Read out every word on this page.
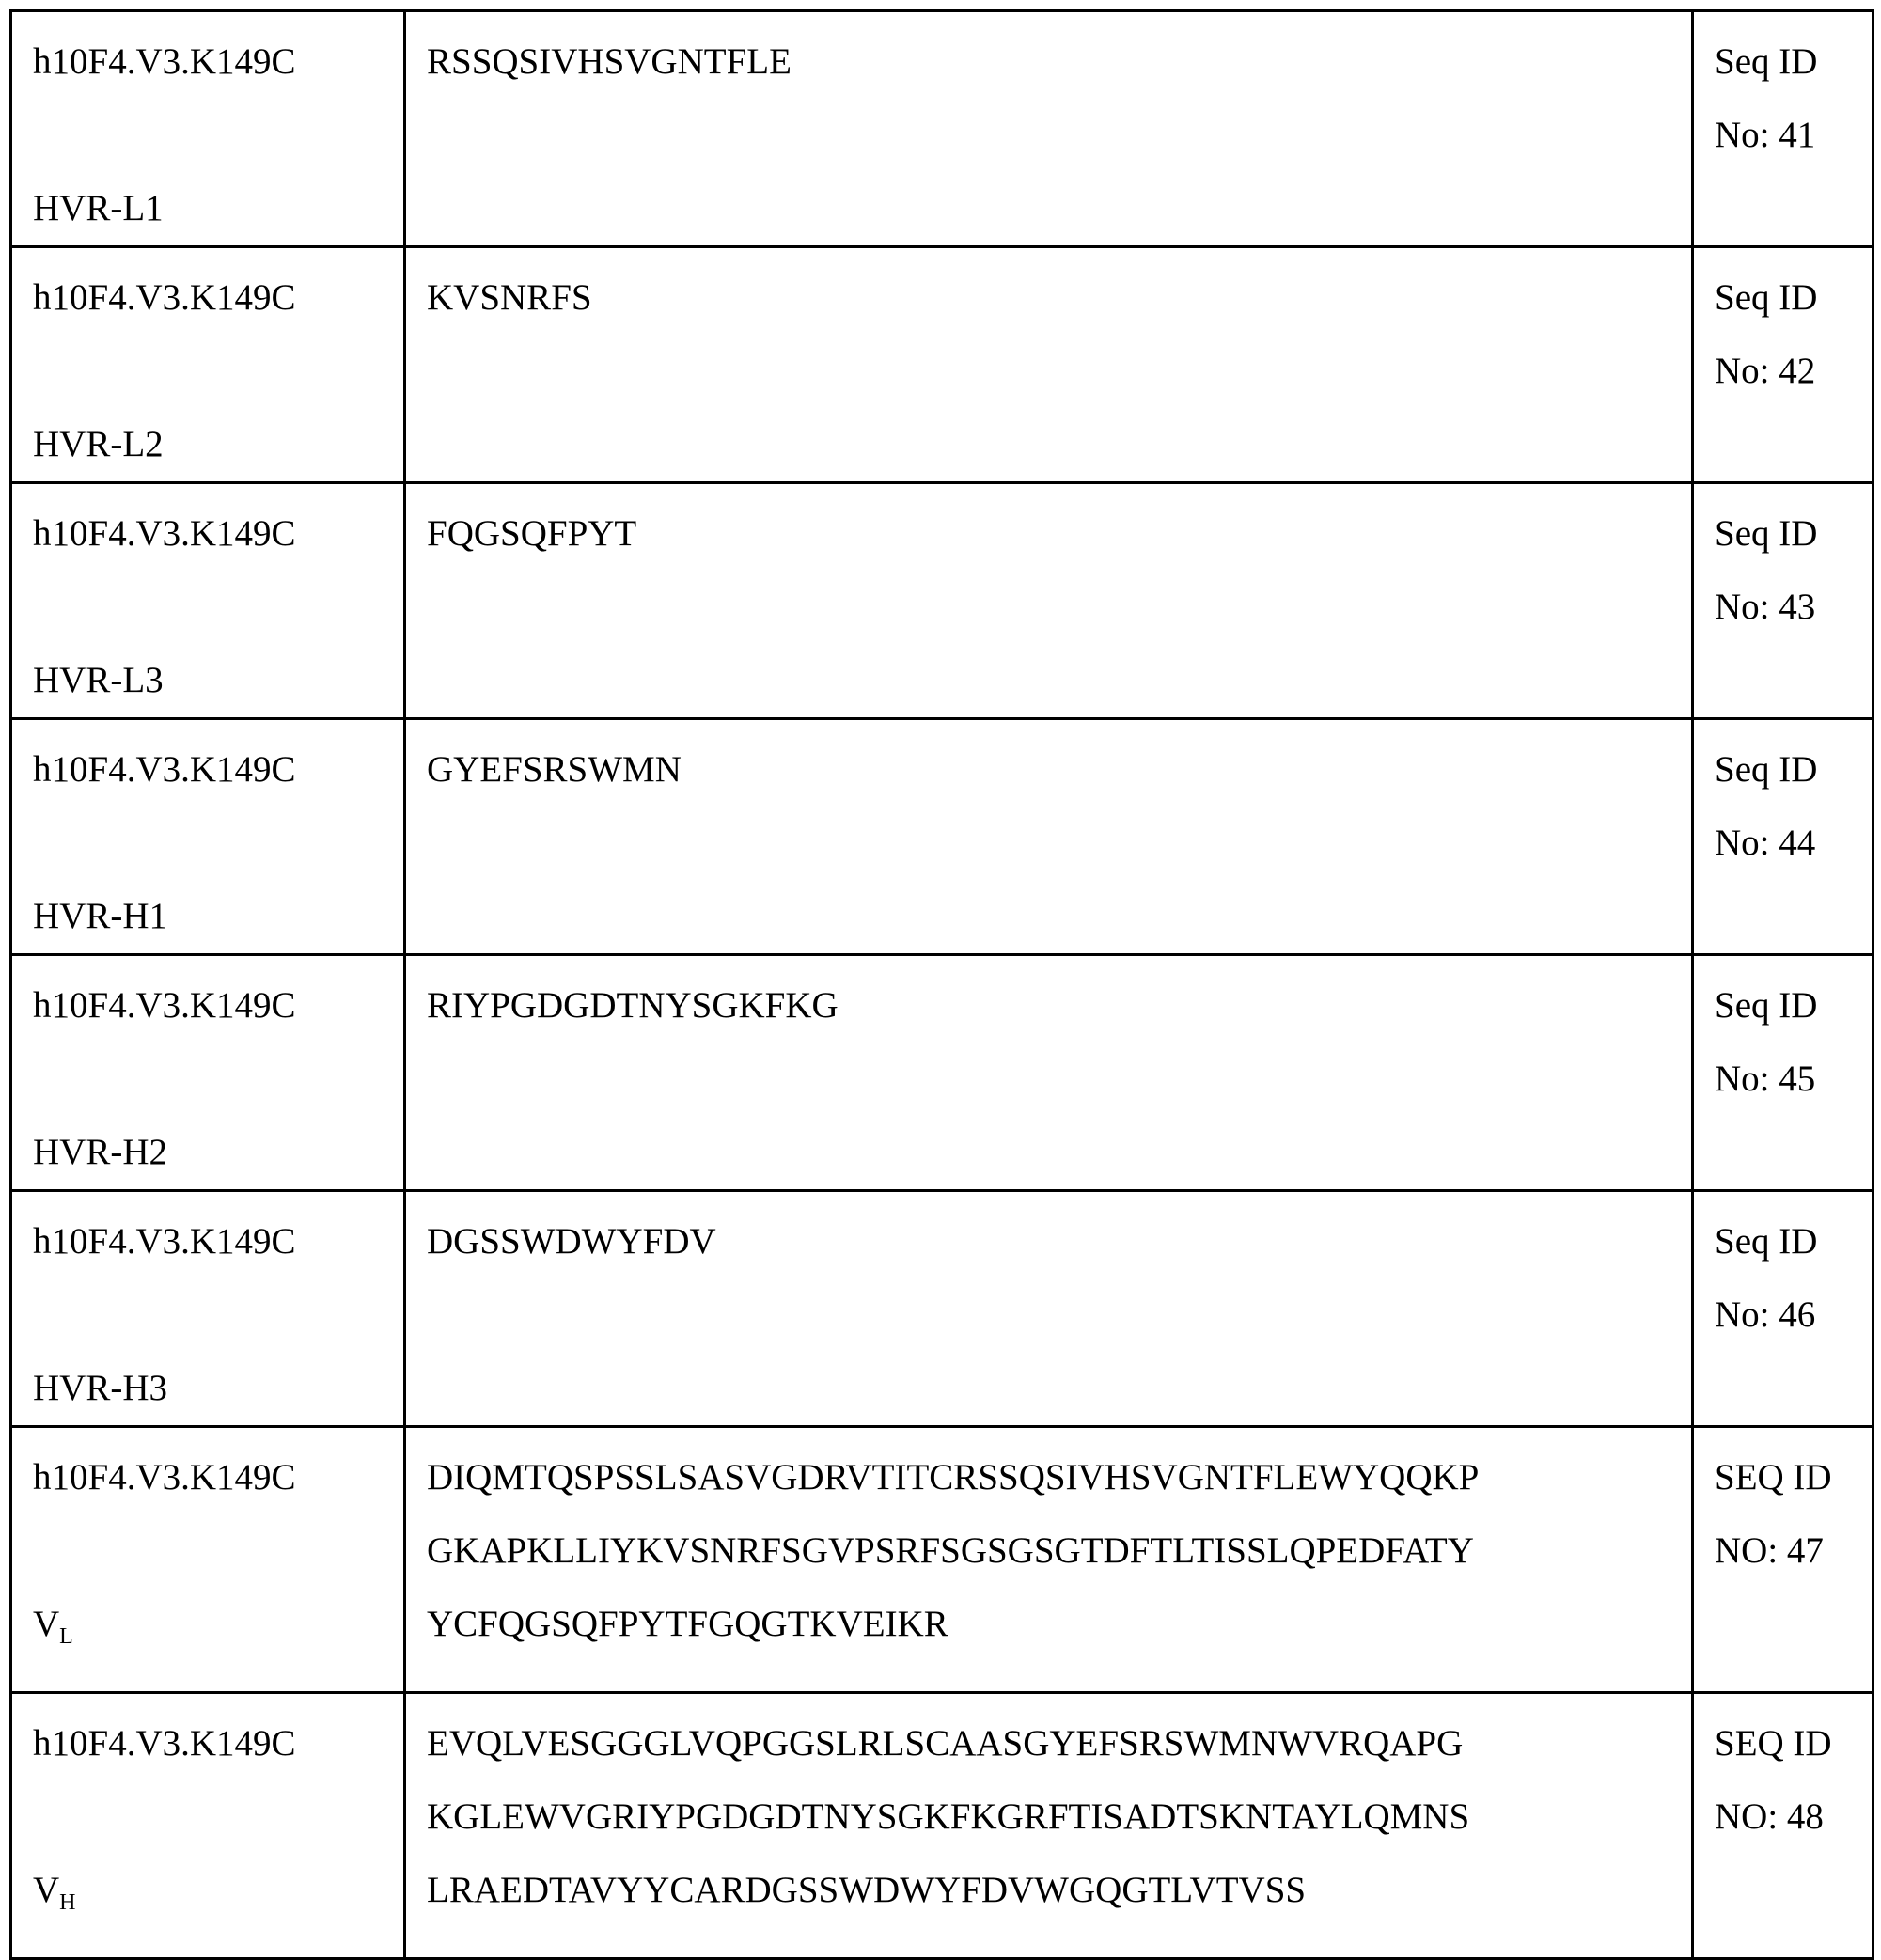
h10F4.V3.K149C
HVR-L1

RSSQSIVHSVGNTFLE	Seq ID
No: 41

h10F4.V3.K149C
HVR-L2

KVSNRFS	Seq ID
No: 42

h10F4.V3.K149C
HVR-L3

FQGSQFPYT	Seq ID
No: 43

h10F4.V3.K149C
HVR-H1

GYEFSRSWMN	Seq ID
No: 44

h10F4.V3.K149C
HVR-H2

RIYPGDGDTNYSGKFKG	Seq ID
No: 45

h10F4.V3.K149C
HVR-H3

DGSSWDWYFDV	Seq ID
No: 46

h10F4.V3.K149C
VL

DIQMTQSPSSLSASVGDRVTITCRSSQSIVHSVGNTFLEWYQQKP
GKAPKLLIYKVSNRFSGVPSRFSGSGSGTDFTLTISSLQPEDFATY
YCFQGSQFPYTFGQGTKVEIKR

SEQ ID
NO: 47

h10F4.V3.K149C
VH

EVQLVESGGGLVQPGGSLRLSCAASGYEFSRSWMNWVRQAPG
KGLEWVGRIYPGDGDTNYSGKFKGRFTISADTSKNTAYLQMNS
LRAEDTAVYYCARDGSSWDWYFDVWGQGTLVTVSS

SEQ ID
NO: 48
